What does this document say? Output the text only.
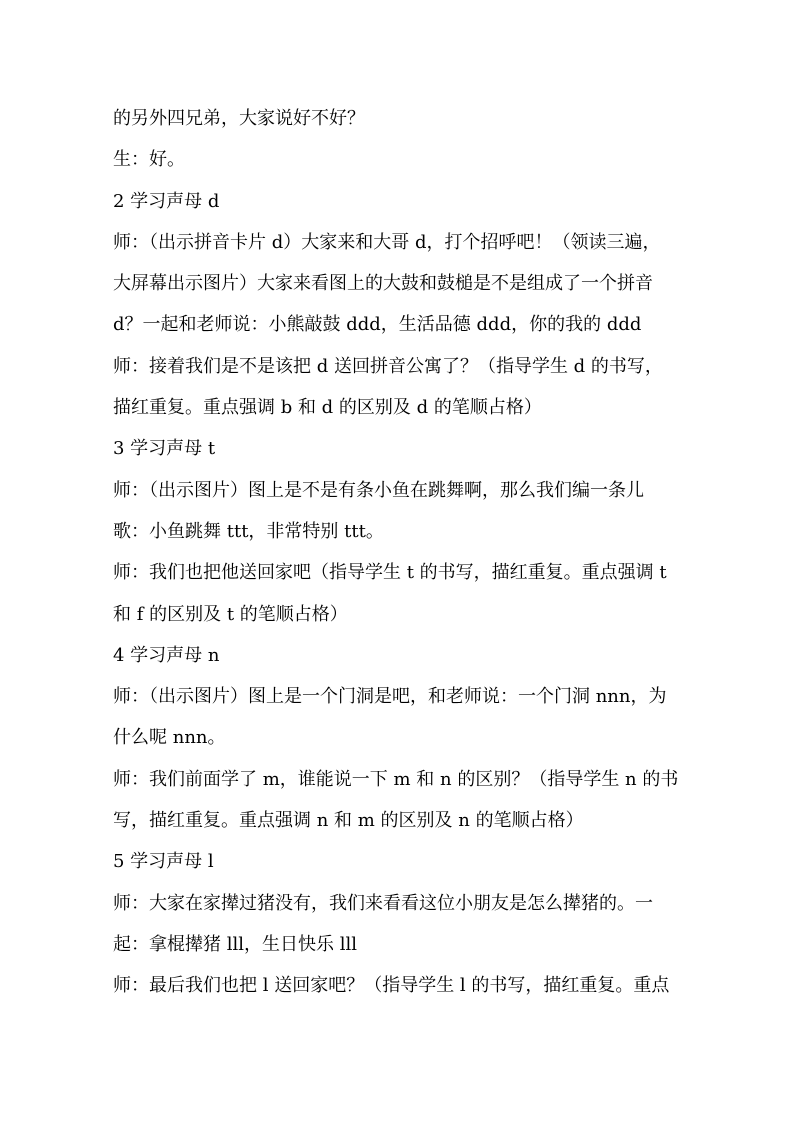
的另外四兄弟，大家说好不好？
生：好。
2 学习声母 d
师：（出示拼音卡片 d）大家来和大哥 d，打个招呼吧！（领读三遍，
大屏幕出示图片）大家来看图上的大鼓和鼓槌是不是组成了一个拼音
d？一起和老师说：小熊敲鼓 ddd，生活品德 ddd，你的我的 ddd
师：接着我们是不是该把 d 送回拼音公寓了？（指导学生 d 的书写，
描红重复。重点强调 b 和 d 的区别及 d 的笔顺占格）
3 学习声母 t
师：（出示图片）图上是不是有条小鱼在跳舞啊，那么我们编一条儿
歌：小鱼跳舞 ttt，非常特别 ttt。
师：我们也把他送回家吧（指导学生 t 的书写，描红重复。重点强调 t
和 f 的区别及 t 的笔顺占格）
4 学习声母 n
师：（出示图片）图上是一个门洞是吧，和老师说：一个门洞 nnn，为
什么呢 nnn。
师：我们前面学了 m，谁能说一下 m 和 n 的区别？（指导学生 n 的书
写，描红重复。重点强调 n 和 m 的区别及 n 的笔顺占格）
5 学习声母 l
师：大家在家撵过猪没有，我们来看看这位小朋友是怎么撵猪的。一
起：拿棍撵猪 lll，生日快乐 lll
师：最后我们也把 l 送回家吧？（指导学生 l 的书写，描红重复。重点
